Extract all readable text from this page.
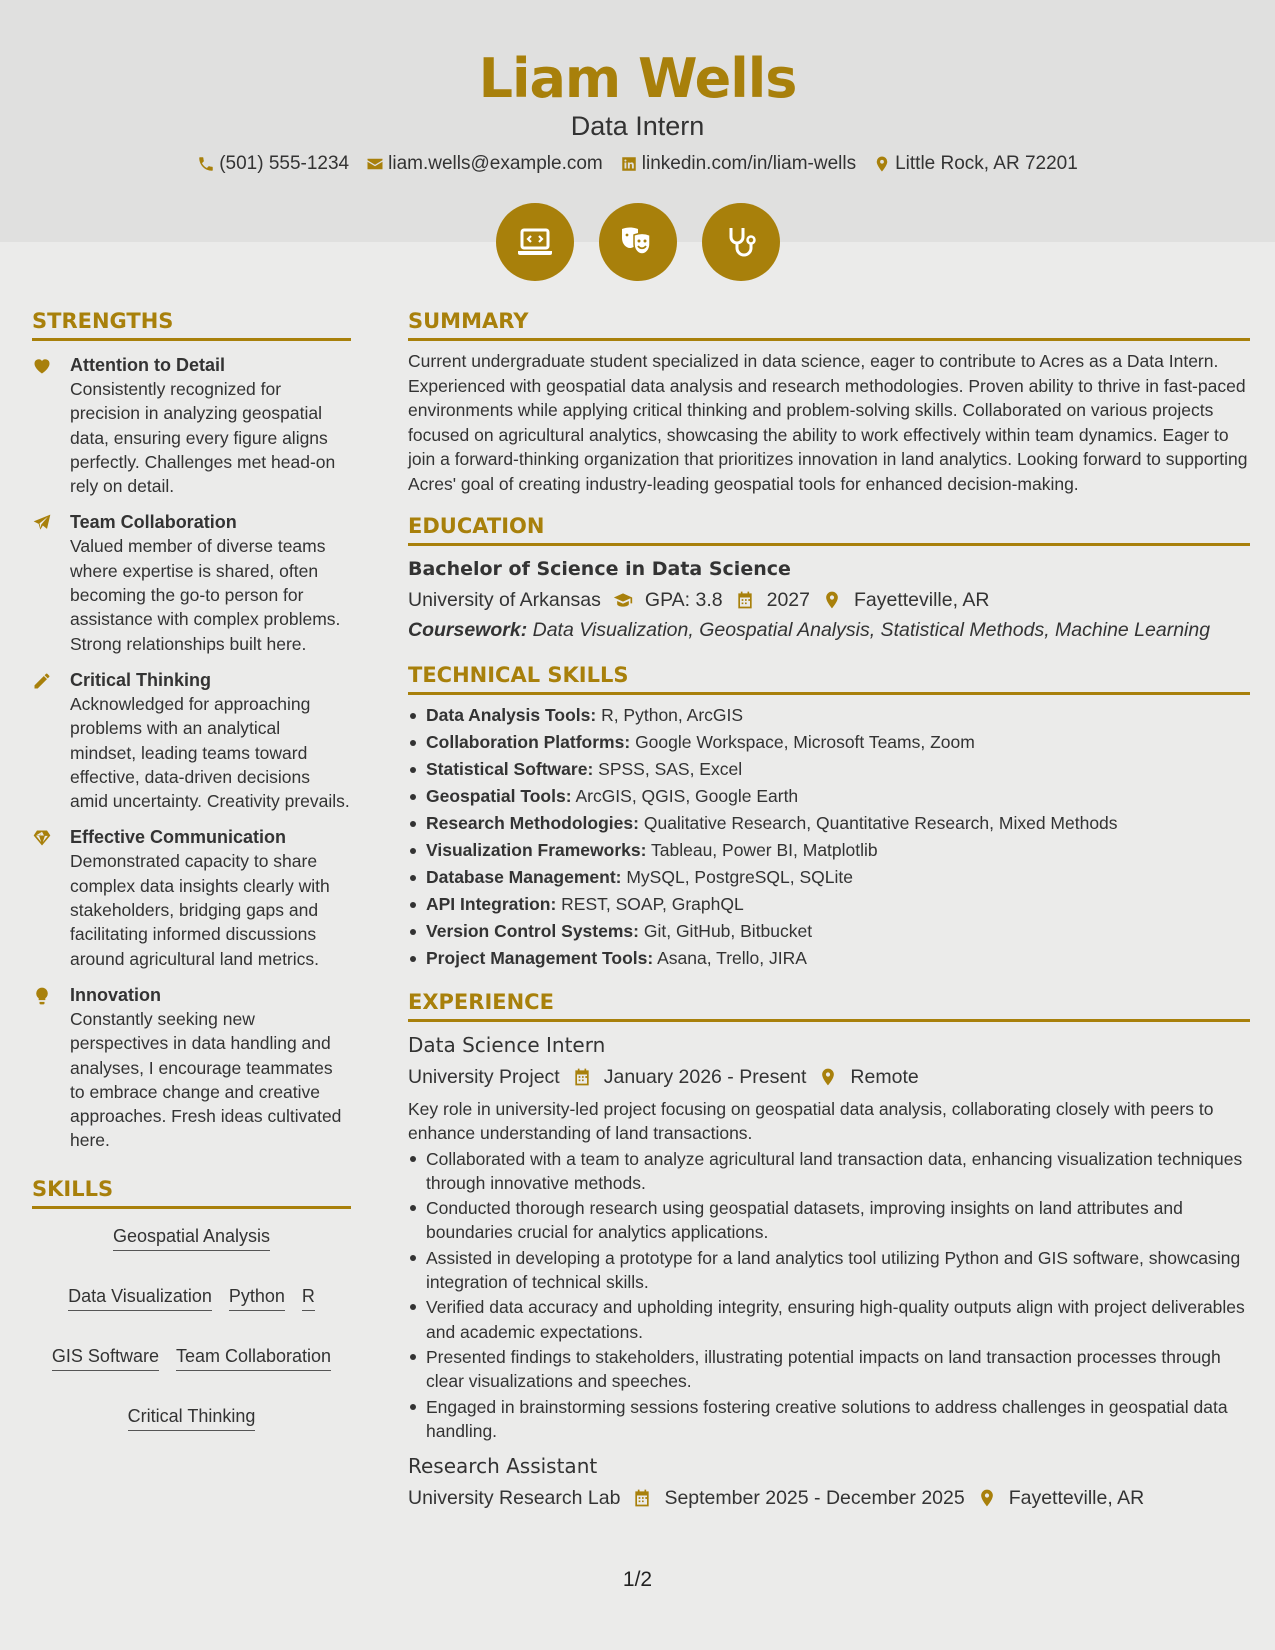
Liam Wells
Data Intern
(501) 555-1234 liam.wells@example.com linkedin.com/in/liam-wells Little Rock, AR 72201
STRENGTHS
Attention to Detail
Consistently recognized for precision in analyzing geospatial data, ensuring every figure aligns perfectly. Challenges met head-on rely on detail.
Team Collaboration
Valued member of diverse teams where expertise is shared, often becoming the go-to person for assistance with complex problems. Strong relationships built here.
Critical Thinking
Acknowledged for approaching problems with an analytical mindset, leading teams toward effective, data-driven decisions amid uncertainty. Creativity prevails.
Effective Communication
Demonstrated capacity to share complex data insights clearly with stakeholders, bridging gaps and facilitating informed discussions around agricultural land metrics.
Innovation
Constantly seeking new perspectives in data handling and analyses, I encourage teammates to embrace change and creative approaches. Fresh ideas cultivated here.
SKILLS
Geospatial Analysis
Data Visualization Python R
GIS Software Team Collaboration
Critical Thinking
SUMMARY
Current undergraduate student specialized in data science, eager to contribute to Acres as a Data Intern. Experienced with geospatial data analysis and research methodologies. Proven ability to thrive in fast-paced environments while applying critical thinking and problem-solving skills. Collaborated on various projects focused on agricultural analytics, showcasing the ability to work effectively within team dynamics. Eager to join a forward-thinking organization that prioritizes innovation in land analytics. Looking forward to supporting Acres' goal of creating industry-leading geospatial tools for enhanced decision-making.
EDUCATION
Bachelor of Science in Data Science
University of Arkansas GPA: 3.8 2027 Fayetteville, AR
Coursework: Data Visualization, Geospatial Analysis, Statistical Methods, Machine Learning
TECHNICAL SKILLS
Data Analysis Tools: R, Python, ArcGIS
Collaboration Platforms: Google Workspace, Microsoft Teams, Zoom
Statistical Software: SPSS, SAS, Excel
Geospatial Tools: ArcGIS, QGIS, Google Earth
Research Methodologies: Qualitative Research, Quantitative Research, Mixed Methods
Visualization Frameworks: Tableau, Power BI, Matplotlib
Database Management: MySQL, PostgreSQL, SQLite
API Integration: REST, SOAP, GraphQL
Version Control Systems: Git, GitHub, Bitbucket
Project Management Tools: Asana, Trello, JIRA
EXPERIENCE
Data Science Intern
University Project January 2026 - Present Remote
Key role in university-led project focusing on geospatial data analysis, collaborating closely with peers to enhance understanding of land transactions.
Collaborated with a team to analyze agricultural land transaction data, enhancing visualization techniques through innovative methods.
Conducted thorough research using geospatial datasets, improving insights on land attributes and boundaries crucial for analytics applications.
Assisted in developing a prototype for a land analytics tool utilizing Python and GIS software, showcasing integration of technical skills.
Verified data accuracy and upholding integrity, ensuring high-quality outputs align with project deliverables and academic expectations.
Presented findings to stakeholders, illustrating potential impacts on land transaction processes through clear visualizations and speeches.
Engaged in brainstorming sessions fostering creative solutions to address challenges in geospatial data handling.
Research Assistant
University Research Lab September 2025 - December 2025 Fayetteville, AR
1/2
